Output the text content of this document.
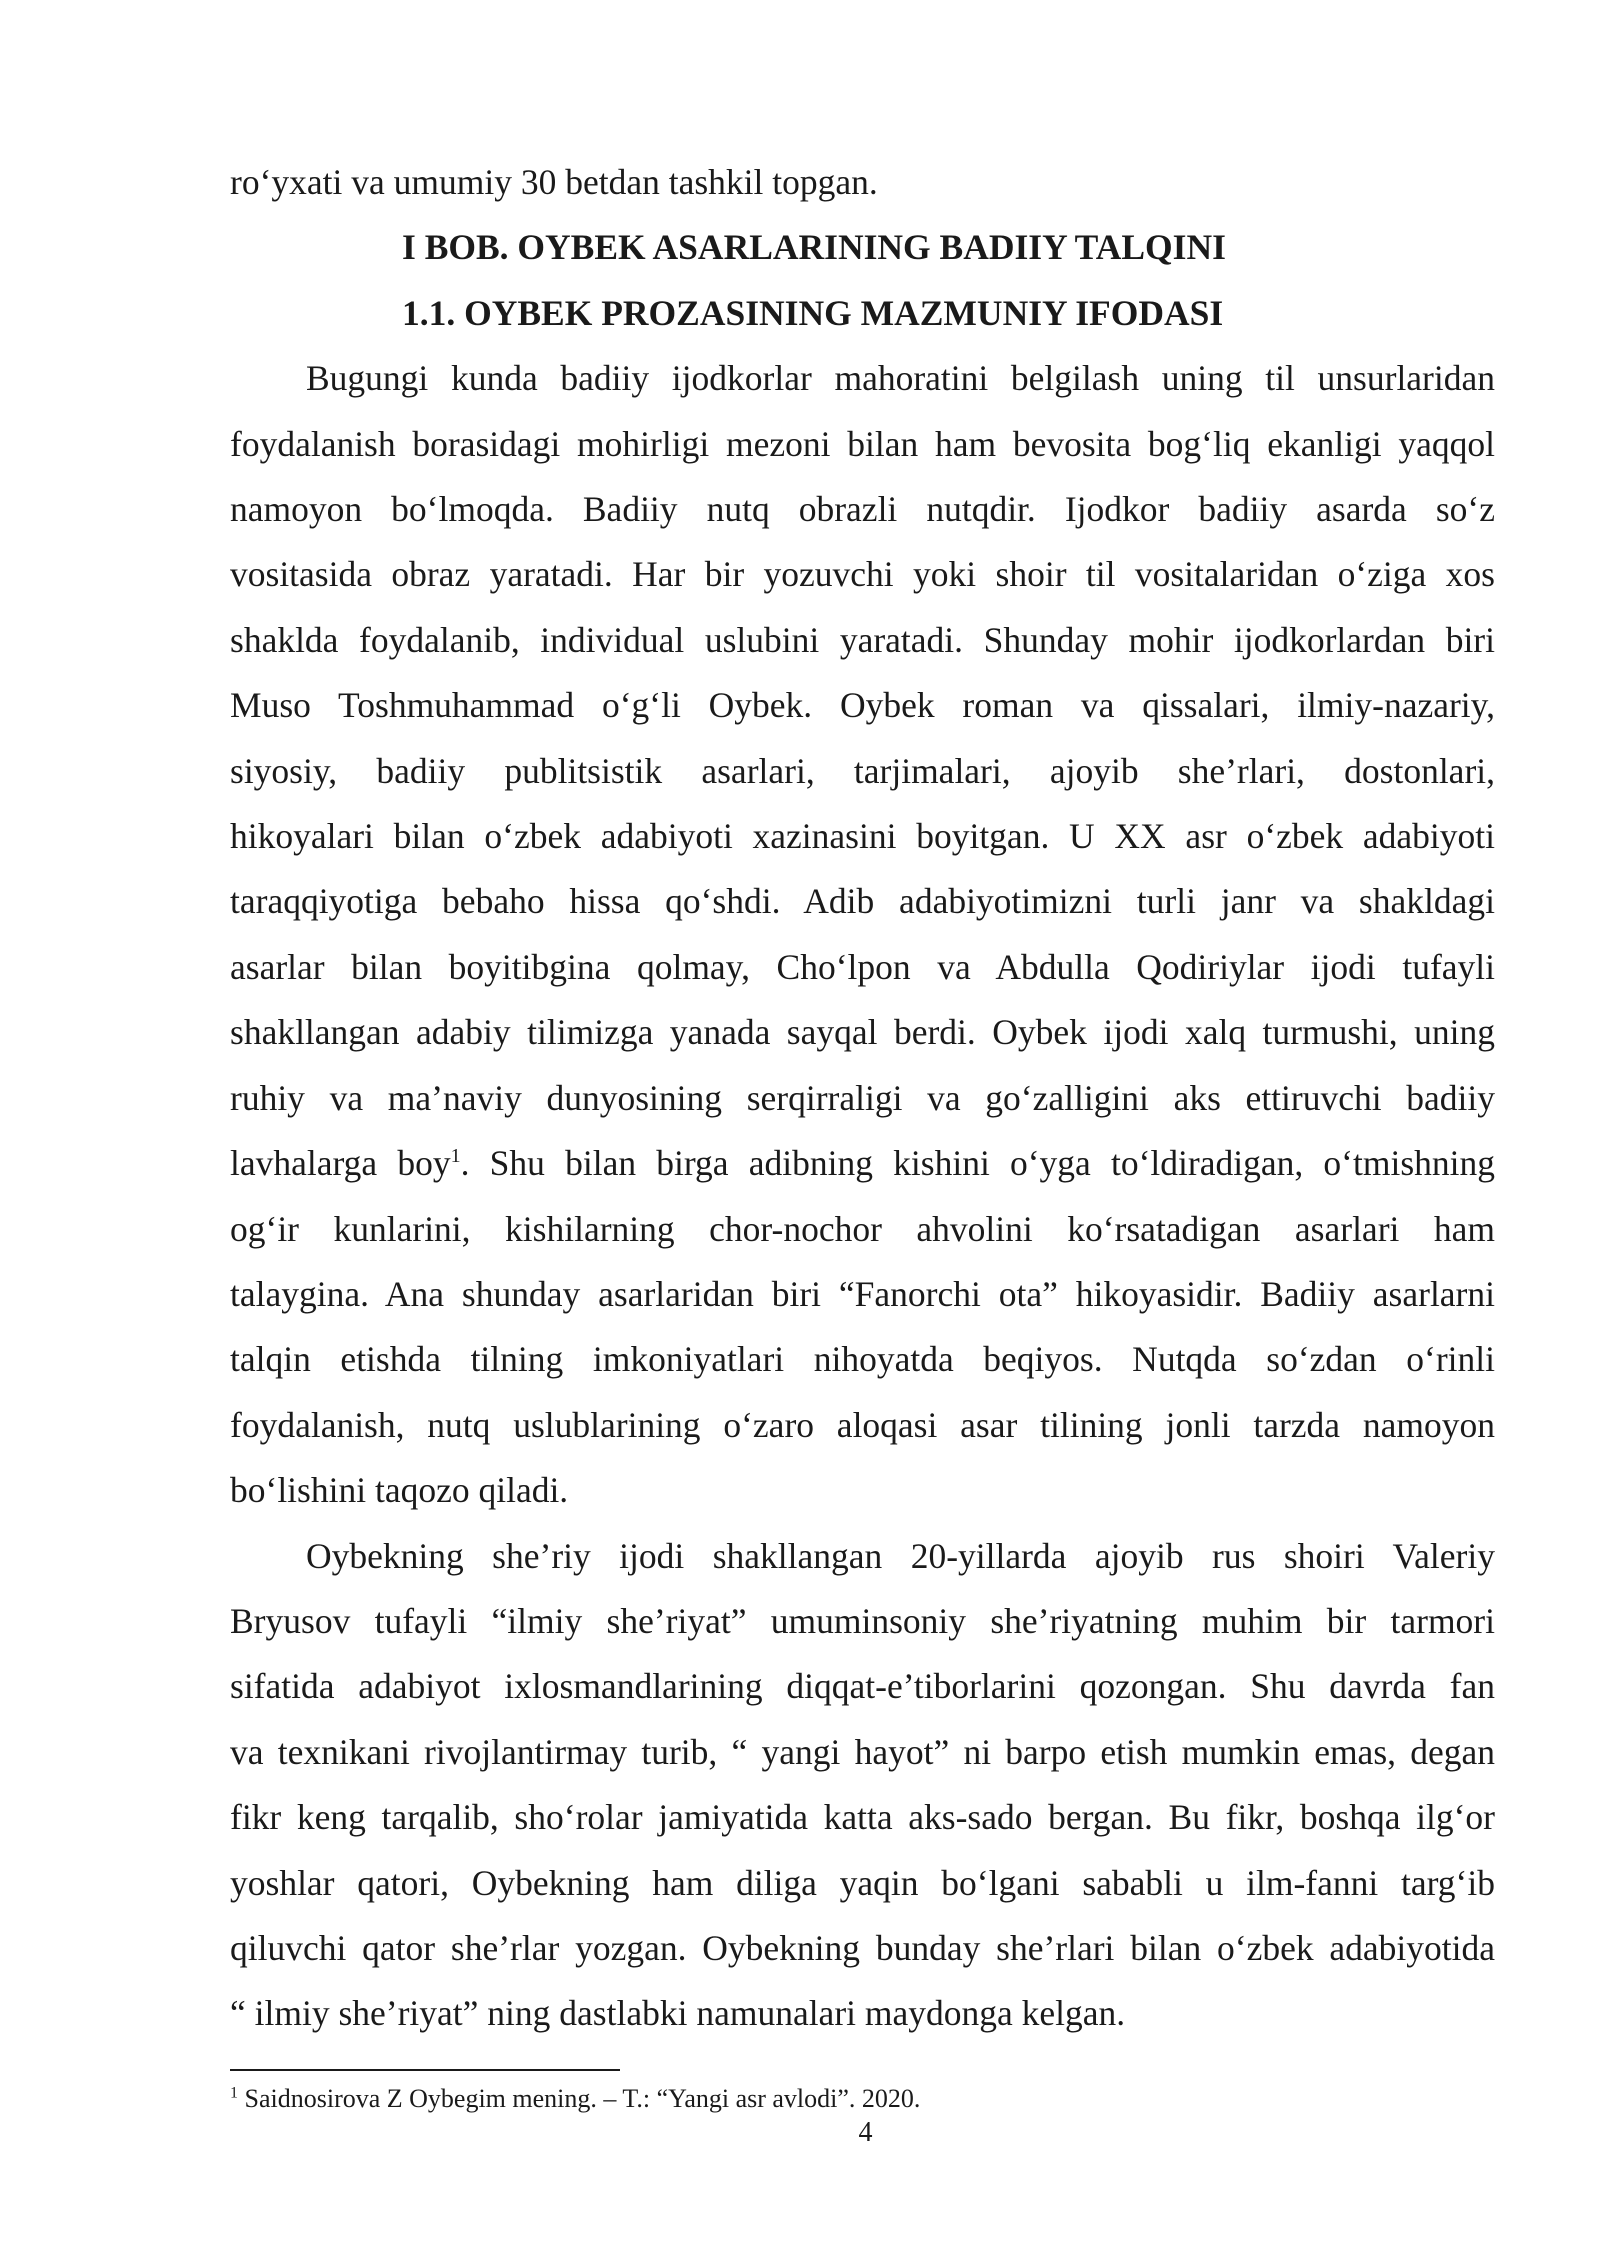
ro‘yxati va umumiy 30 betdan tashkil topgan.

I BOB. OYBEK ASARLARINING BADIIY TALQINI

1.1. OYBEK PROZASINING MAZMUNIY IFODASI

Bugungi kunda badiiy ijodkorlar mahoratini belgilash uning til unsurlaridan

foydalanish borasidagi mohirligi mezoni bilan ham bevosita bog‘liq ekanligi yaqqol

namoyon bo‘lmoqda. Badiiy nutq obrazli nutqdir. Ijodkor badiiy asarda so‘z

vositasida obraz yaratadi. Har bir yozuvchi yoki shoir til vositalaridan o‘ziga xos

shaklda foydalanib, individual uslubini yaratadi. Shunday mohir ijodkorlardan biri

Muso Toshmuhammad o‘g‘li Oybek. Oybek roman va qissalari, ilmiy-nazariy,

siyosiy, badiiy publitsistik asarlari, tarjimalari, ajoyib she’rlari, dostonlari,

hikoyalari bilan o‘zbek adabiyoti xazinasini boyitgan. U XX asr o‘zbek adabiyoti

taraqqiyotiga bebaho hissa qo‘shdi. Adib adabiyotimizni turli janr va shakldagi

asarlar bilan boyitibgina qolmay, Cho‘lpon va Abdulla Qodiriylar ijodi tufayli

shakllangan adabiy tilimizga yanada sayqal berdi. Oybek ijodi xalq turmushi, uning

ruhiy va ma’naviy dunyosining serqirraligi va go‘zalligini aks ettiruvchi badiiy

lavhalarga boy$^1$. Shu bilan birga adibning kishini o‘yga to‘ldiradigan, o‘tmishning

og‘ir kunlarini, kishilarning chor-nochor ahvolini ko‘rsatadigan asarlari ham

talaygina. Ana shunday asarlaridan biri “Fanorchi ota” hikoyasidir. Badiiy asarlarni

talqin etishda tilning imkoniyatlari nihoyatda beqiyos. Nutqda so‘zdan o‘rinli

foydalanish, nutq uslublarining o‘zaro aloqasi asar tilining jonli tarzda namoyon

bo‘lishini taqozo qiladi.

Oybekning she’riy ijodi shakllangan 20-yillarda ajoyib rus shoiri Valeriy

Bryusov tufayli “ilmiy she’riyat” umuminsoniy she’riyatning muhim bir tarmori

sifatida adabiyot ixlosmandlarining diqqat-e’tiborlarini qozongan. Shu davrda fan

va texnikani rivojlantirmay turib, “ yangi hayot” ni barpo etish mumkin emas, degan

fikr keng tarqalib, sho‘rolar jamiyatida katta aks-sado bergan. Bu fikr, boshqa ilg‘or

yoshlar qatori, Oybekning ham diliga yaqin bo‘lgani sababli u ilm-fanni targ‘ib

qiluvchi qator she’rlar yozgan. Oybekning bunday she’rlari bilan o‘zbek adabiyotida

“ ilmiy she’riyat” ning dastlabki namunalari maydonga kelgan.

$^1$ Saidnosirova Z Oybegim mening. – T.: “Yangi asr avlodi”. 2020.
4
